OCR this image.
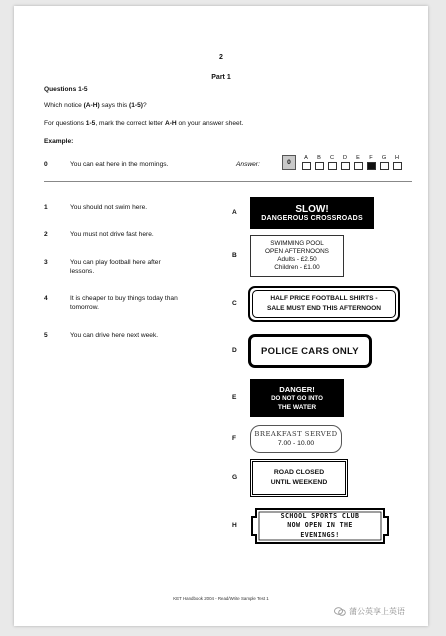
2
Part 1
Questions 1-5
Which notice (A-H) says this (1-5)?
For questions 1-5, mark the correct letter A-H on your answer sheet.
Example:
0	You can eat here in the mornings.	Answer:	0
A	B	C	D	E	F	G	H
1	You should not swim here.
2	You must not drive fast here.
3	You can play football here after
lessons.
4	It is cheaper to buy things today than
tomorrow.
5	You can drive here next week.
A	SLOW!
DANGEROUS CROSSROADS
B
SWIMMING POOL
OPEN AFTERNOONS
Adults - £2.50
Children - £1.00
C
HALF PRICE FOOTBALL SHIRTS -
SALE MUST END THIS AFTERNOON
D	POLICE CARS ONLY
E
DANGER!
DO NOT GO INTO
THE WATER
F
BREAKFAST SERVED
7.00 - 10.00
G
ROAD CLOSED
UNTIL WEEKEND
H
SCHOOL SPORTS CLUB
NOW OPEN IN THE
EVENINGS!
KET Handbook 2004 - Read/Write Sample Test 1
蒲公英享上英语
